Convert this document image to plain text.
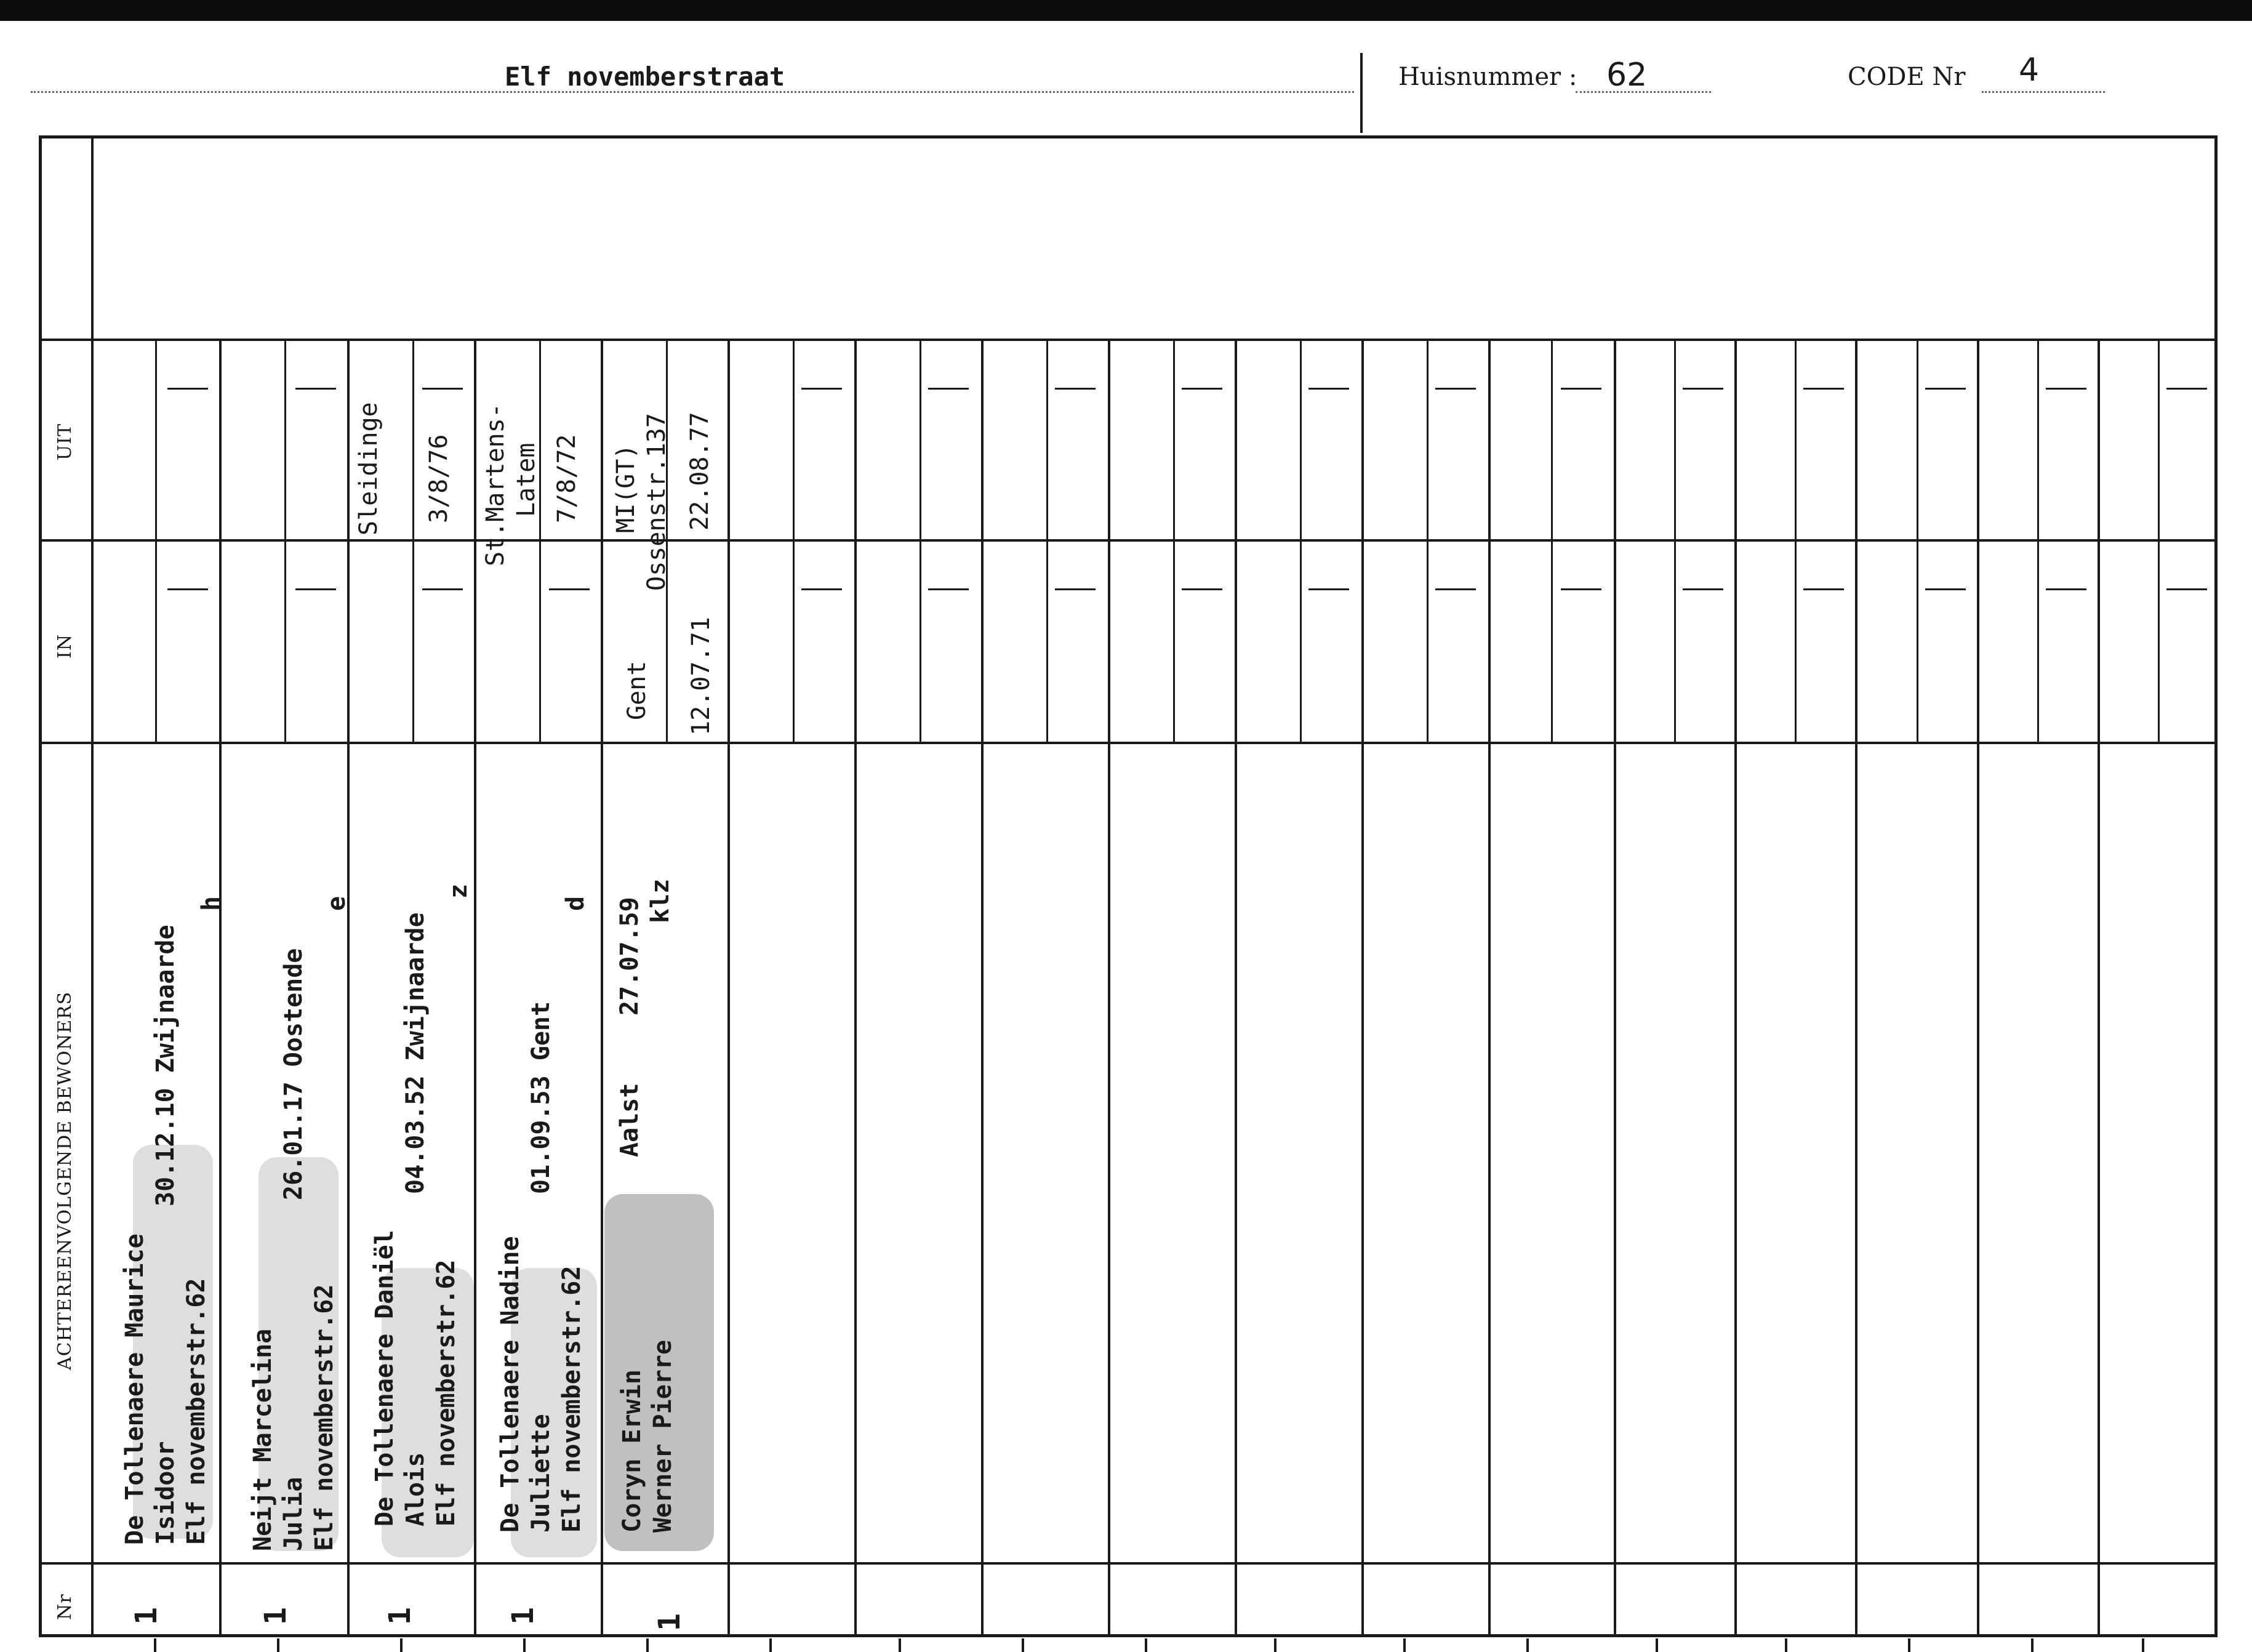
Elf novemberstraat	Huisnummer : 62	CODE Nr 4
UIT
IN
ACHTEREENVOLGENDE BEWONERS
Nr
De Tollenaere Maurice Isidoor Elf novemberstr.62
30.12.10 Zwijnaarde
h
1
Neijt Marcelina Julia Elf novemberstr.62
26.01.17 Oostende
e
1
De Tollenaere Daniël Alois Elf novemberstr.62
04.03.52 Zwijnaarde
z
1
Sleidinge 3/8/76
De Tollenaere Nadine Juliette Elf novemberstr.62
01.09.53 Gent
d
1
St.Martens- Latem 7/8/72
Coryn Erwin Werner Pierre
Aalst
27.07.59 klz
1
Gent 12.07.71
MI(GT) Ossenstr.137 22.08.77
